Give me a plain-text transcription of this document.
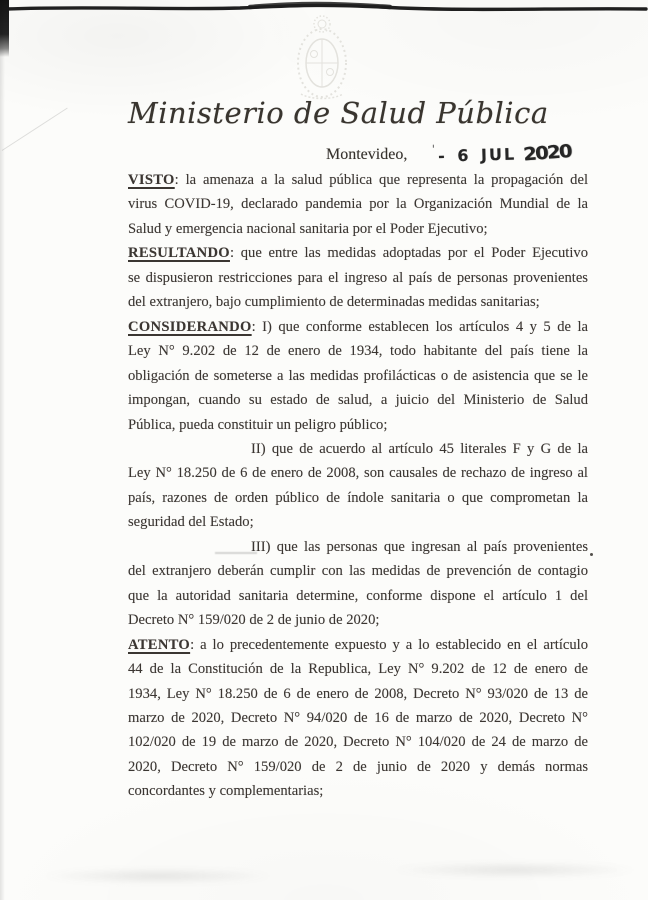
Ministerio de Salud Pública
Montevideo, ' - 6 JUL 2020
VISTO: la amenaza a la salud pública que representa la propagación del
virus COVID-19, declarado pandemia por la Organización Mundial de la
Salud y emergencia nacional sanitaria por el Poder Ejecutivo;
RESULTANDO: que entre las medidas adoptadas por el Poder Ejecutivo
se dispusieron restricciones para el ingreso al país de personas provenientes
del extranjero, bajo cumplimiento de determinadas medidas sanitarias;
CONSIDERANDO: I) que conforme establecen los artículos 4 y 5 de la
Ley N° 9.202 de 12 de enero de 1934, todo habitante del país tiene la
obligación de someterse a las medidas profilácticas o de asistencia que se le
impongan, cuando su estado de salud, a juicio del Ministerio de Salud
Pública, pueda constituir un peligro público;
II) que de acuerdo al artículo 45 literales F y G de la
Ley N° 18.250 de 6 de enero de 2008, son causales de rechazo de ingreso al
país, razones de orden público de índole sanitaria o que comprometan la
seguridad del Estado;
III) que las personas que ingresan al país provenientes
del extranjero deberán cumplir con las medidas de prevención de contagio
que la autoridad sanitaria determine, conforme dispone el artículo 1 del
Decreto N° 159/020 de 2 de junio de 2020;
ATENTO: a lo precedentemente expuesto y a lo establecido en el artículo
44 de la Constitución de la Republica, Ley N° 9.202 de 12 de enero de
1934, Ley N° 18.250 de 6 de enero de 2008, Decreto N° 93/020 de 13 de
marzo de 2020, Decreto N° 94/020 de 16 de marzo de 2020, Decreto N°
102/020 de 19 de marzo de 2020, Decreto N° 104/020 de 24 de marzo de
2020, Decreto N° 159/020 de 2 de junio de 2020 y demás normas
concordantes y complementarias;
